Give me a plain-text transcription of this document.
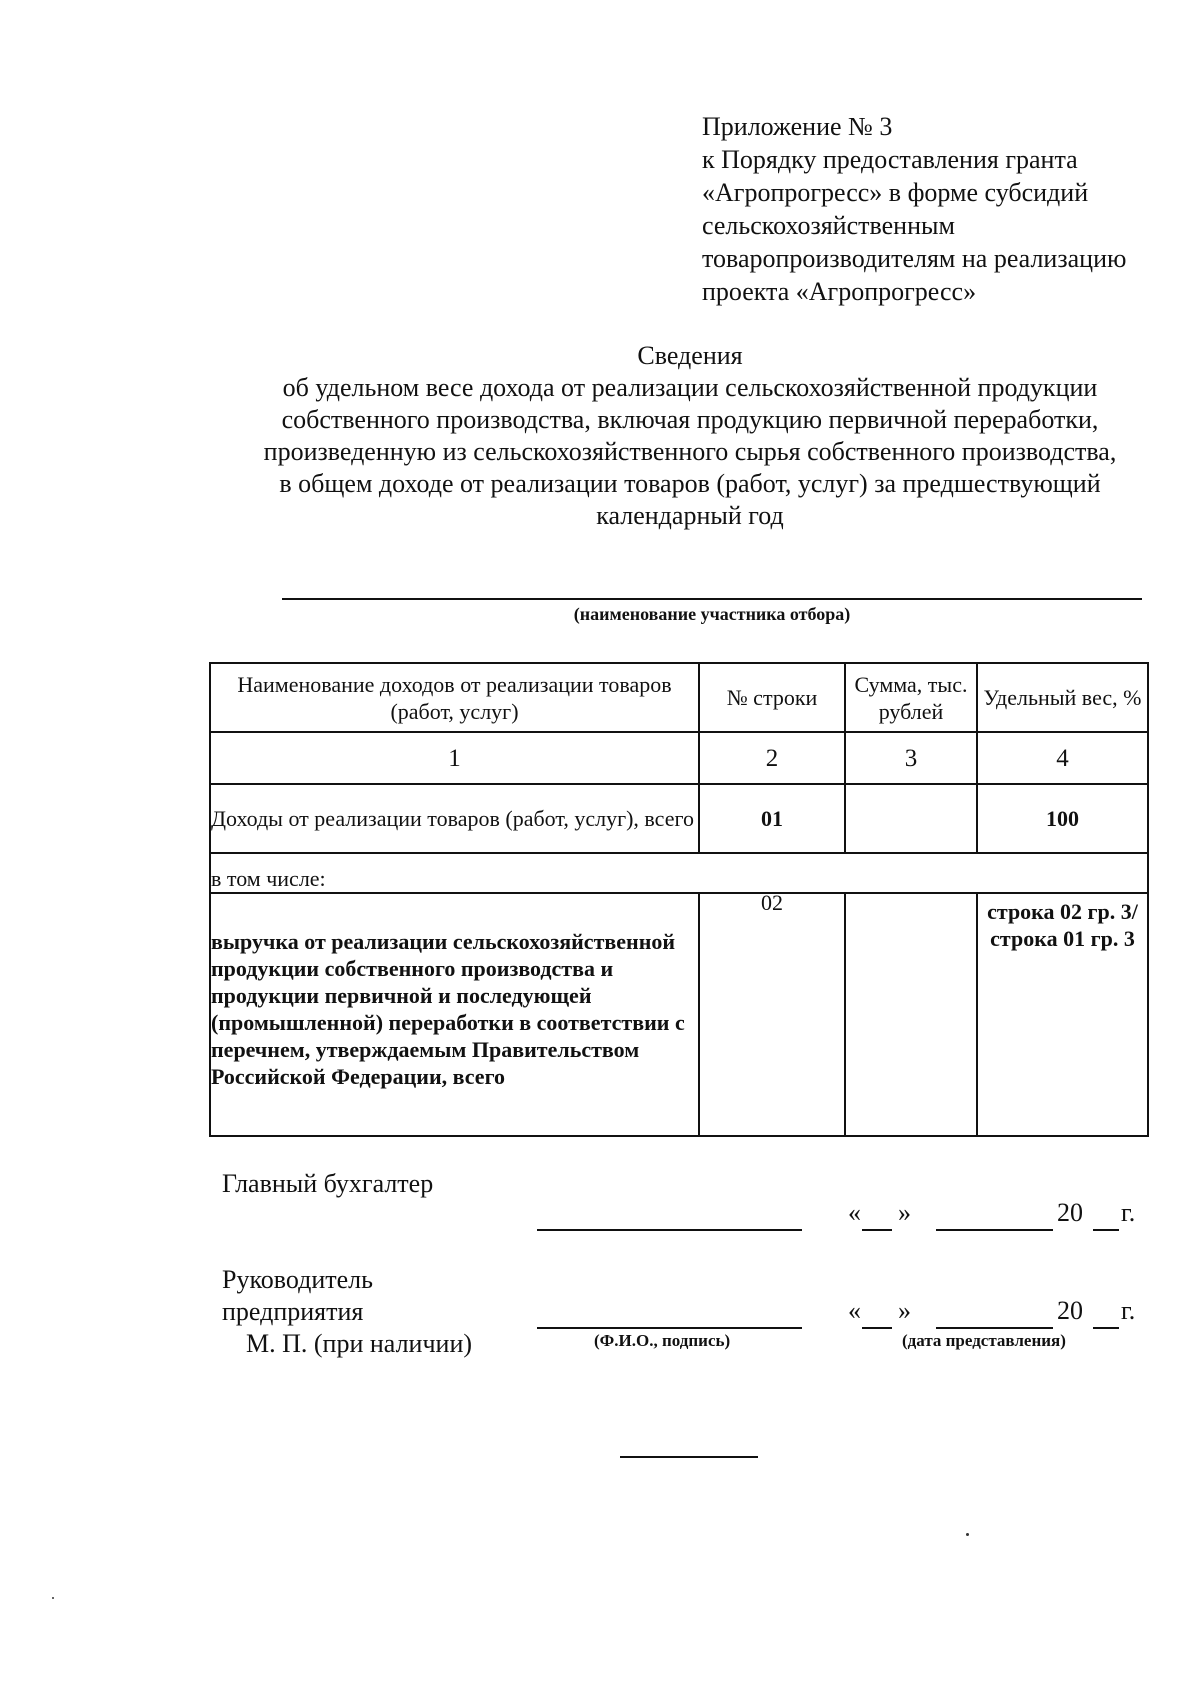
Приложение № 3
к Порядку предоставления гранта
«Агропрогресс» в форме субсидий
сельскохозяйственным
товаропроизводителям на реализацию
проекта «Агропрогресс»
Сведения
об удельном весе дохода от реализации сельскохозяйственной продукции
собственного производства, включая продукцию первичной переработки,
произведенную из сельскохозяйственного сырья собственного производства,
в общем доходе от реализации товаров (работ, услуг) за предшествующий
календарный год
(наименование участника отбора)
Наименование доходов от реализации товаров (работ, услуг)	№ строки	Сумма, тыс. рублей	Удельный вес, %
1	2	3	4
Доходы от реализации товаров (работ, услуг), всего	01		100
в том числе:			
выручка от реализации сельскохозяйственной продукции собственного производства и продукции первичной и последующей (промышленной) переработки в соответствии с перечнем, утверждаемым Правительством Российской Федерации, всего	02		строка 02 гр. 3/ строка 01 гр. 3
Главный бухгалтер
« »	20 г.
Руководитель
предприятия
М. П. (при наличии)	(Ф.И.О., подпись)
« »	20 г.
(дата представления)
